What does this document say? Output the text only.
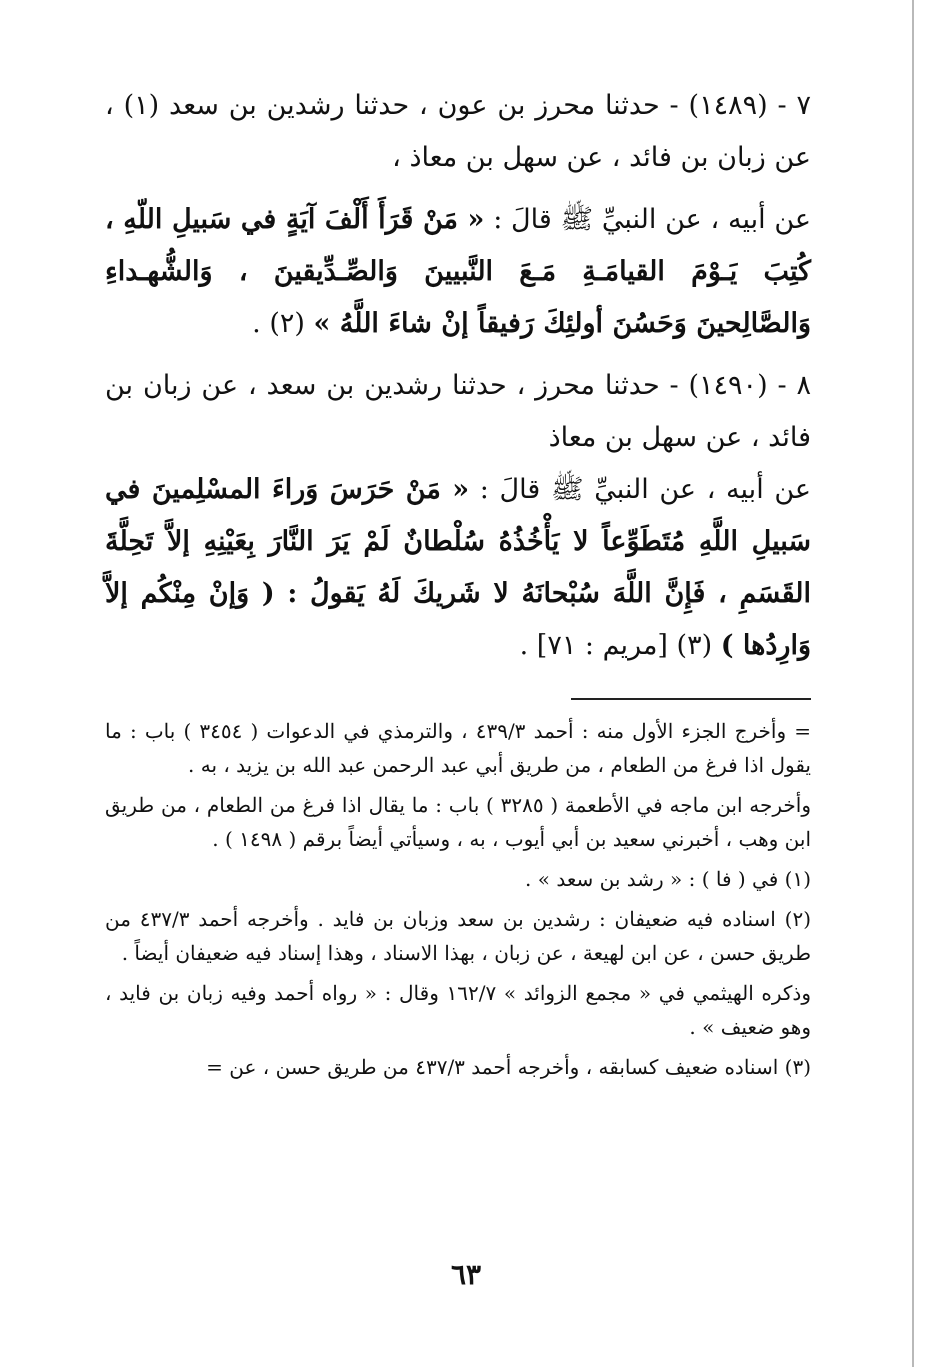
٧ - (١٤٨٩) - حدثنا محرز بن عون ، حدثنا رشدين بن سعد (١) ، عن زبان بن فائد ، عن سهل بن معاذ ،

عن أبيه ، عن النبيِّ ﷺ قالَ : « مَنْ قَرَأَ أَلْفَ آيَةٍ في سَبيلِ اللّهِ ، كُتِبَ يَـوْمَ القيامَـةِ مَـعَ النَّبيينَ وَالصِّـدِّيقينَ ، وَالشُّهـداءِ وَالصَّالِحينَ وَحَسُنَ أولئِكَ رَفيقاً إنْ شاءَ اللَّهُ » (٢) .

٨ - (١٤٩٠) - حدثنا محرز ، حدثنا رشدين بن سعد ، عن زبان بن فائد ، عن سهل بن معاذ

عن أبيه ، عن النبيِّ ﷺ قالَ : « مَنْ حَرَسَ وَراءَ المسْلِمينَ في سَبيلِ اللَّهِ مُتَطَوِّعاً لا يَأْخُذُهُ سُلْطانٌ لَمْ يَرَ النَّارَ بِعَيْنِهِ إلاَّ تَحِلَّةَ القَسَمِ ، فَإِنَّ اللَّهَ سُبْحانَهُ لا شَريكَ لَهُ يَقولُ : ( وَإنْ مِنْكُم إلاَّ وَارِدُها ) (٣) [مريم : ٧١] .

= وأخرج الجزء الأول منه : أحمد ٤٣٩/٣ ، والترمذي في الدعوات ( ٣٤٥٤ ) باب : ما يقول اذا فرغ من الطعام ، من طريق أبي عبد الرحمن عبد الله بن يزيد ، به .

وأخرجه ابن ماجه في الأطعمة ( ٣٢٨٥ ) باب : ما يقال اذا فرغ من الطعام ، من طريق ابن وهب ، أخبرني سعيد بن أبي أيوب ، به ، وسيأتي أيضاً برقم ( ١٤٩٨ ) .

(١) في ( فا ) : « رشد بن سعد » .

(٢) اسناده فيه ضعيفان : رشدين بن سعد وزبان بن فايد . وأخرجه أحمد ٤٣٧/٣ من طريق حسن ، عن ابن لهيعة ، عن زبان ، بهذا الاسناد ، وهذا إسناد فيه ضعيفان أيضاً .

وذكره الهيثمي في « مجمع الزوائد » ١٦٢/٧ وقال : « رواه أحمد وفيه زبان بن فايد ، وهو ضعيف » .

(٣) اسناده ضعيف كسابقه ، وأخرجه أحمد ٤٣٧/٣ من طريق حسن ، عن =

٦٣
